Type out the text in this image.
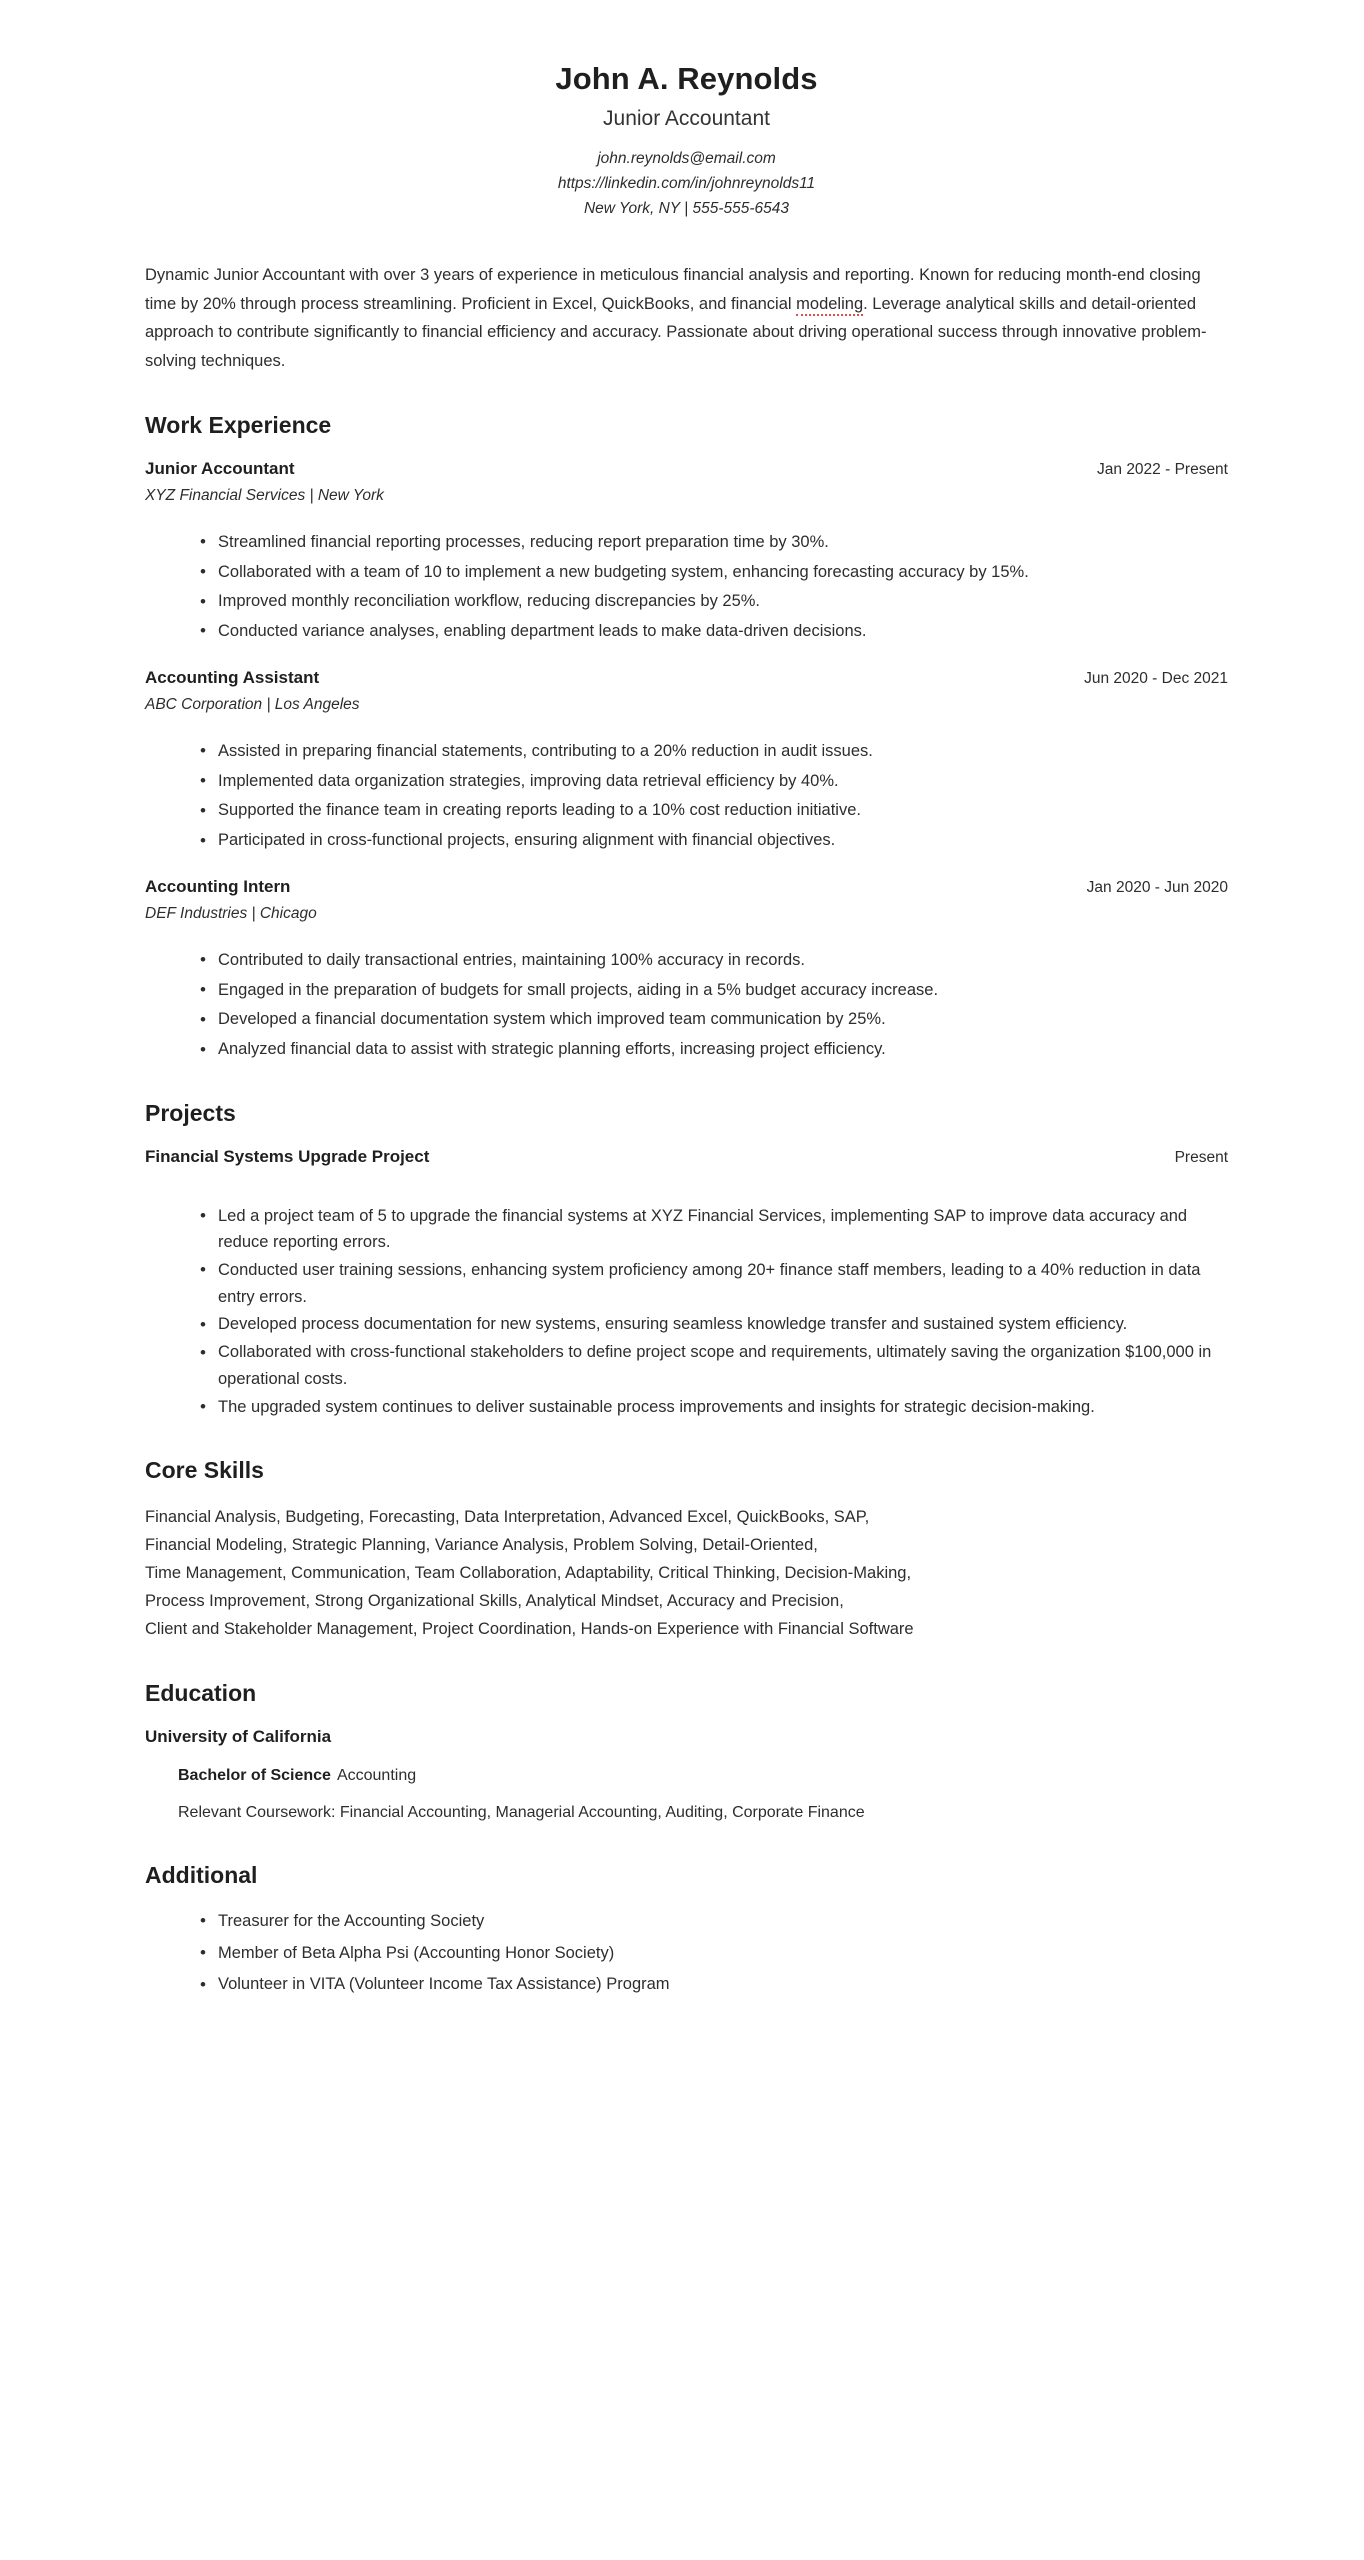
John A. Reynolds
Junior Accountant
john.reynolds@email.com
https://linkedin.com/in/johnreynolds11
New York, NY | 555-555-6543

Dynamic Junior Accountant with over 3 years of experience in meticulous financial analysis and reporting. Known for reducing month-end closing time by 20% through process streamlining. Proficient in Excel, QuickBooks, and financial modeling. Leverage analytical skills and detail-oriented approach to contribute significantly to financial efficiency and accuracy. Passionate about driving operational success through innovative problem-solving techniques.

Work Experience
Junior Accountant	Jan 2022 - Present
XYZ Financial Services | New York
• Streamlined financial reporting processes, reducing report preparation time by 30%.
• Collaborated with a team of 10 to implement a new budgeting system, enhancing forecasting accuracy by 15%.
• Improved monthly reconciliation workflow, reducing discrepancies by 25%.
• Conducted variance analyses, enabling department leads to make data-driven decisions.
Accounting Assistant	Jun 2020 - Dec 2021
ABC Corporation | Los Angeles
• Assisted in preparing financial statements, contributing to a 20% reduction in audit issues.
• Implemented data organization strategies, improving data retrieval efficiency by 40%.
• Supported the finance team in creating reports leading to a 10% cost reduction initiative.
• Participated in cross-functional projects, ensuring alignment with financial objectives.
Accounting Intern	Jan 2020 - Jun 2020
DEF Industries | Chicago
• Contributed to daily transactional entries, maintaining 100% accuracy in records.
• Engaged in the preparation of budgets for small projects, aiding in a 5% budget accuracy increase.
• Developed a financial documentation system which improved team communication by 25%.
• Analyzed financial data to assist with strategic planning efforts, increasing project efficiency.
Projects
Financial Systems Upgrade Project	Present
• Led a project team of 5 to upgrade the financial systems at XYZ Financial Services, implementing SAP to improve data accuracy and reduce reporting errors.
• Conducted user training sessions, enhancing system proficiency among 20+ finance staff members, leading to a 40% reduction in data entry errors.
• Developed process documentation for new systems, ensuring seamless knowledge transfer and sustained system efficiency.
• Collaborated with cross-functional stakeholders to define project scope and requirements, ultimately saving the organization $100,000 in operational costs.
• The upgraded system continues to deliver sustainable process improvements and insights for strategic decision-making.
Core Skills
Financial Analysis, Budgeting, Forecasting, Data Interpretation, Advanced Excel, QuickBooks, SAP,
Financial Modeling, Strategic Planning, Variance Analysis, Problem Solving, Detail-Oriented,
Time Management, Communication, Team Collaboration, Adaptability, Critical Thinking, Decision-Making,
Process Improvement, Strong Organizational Skills, Analytical Mindset, Accuracy and Precision,
Client and Stakeholder Management, Project Coordination, Hands-on Experience with Financial Software
Education
University of California
Bachelor of Science Accounting
Relevant Coursework: Financial Accounting, Managerial Accounting, Auditing, Corporate Finance
Additional
• Treasurer for the Accounting Society
• Member of Beta Alpha Psi (Accounting Honor Society)
• Volunteer in VITA (Volunteer Income Tax Assistance) Program
